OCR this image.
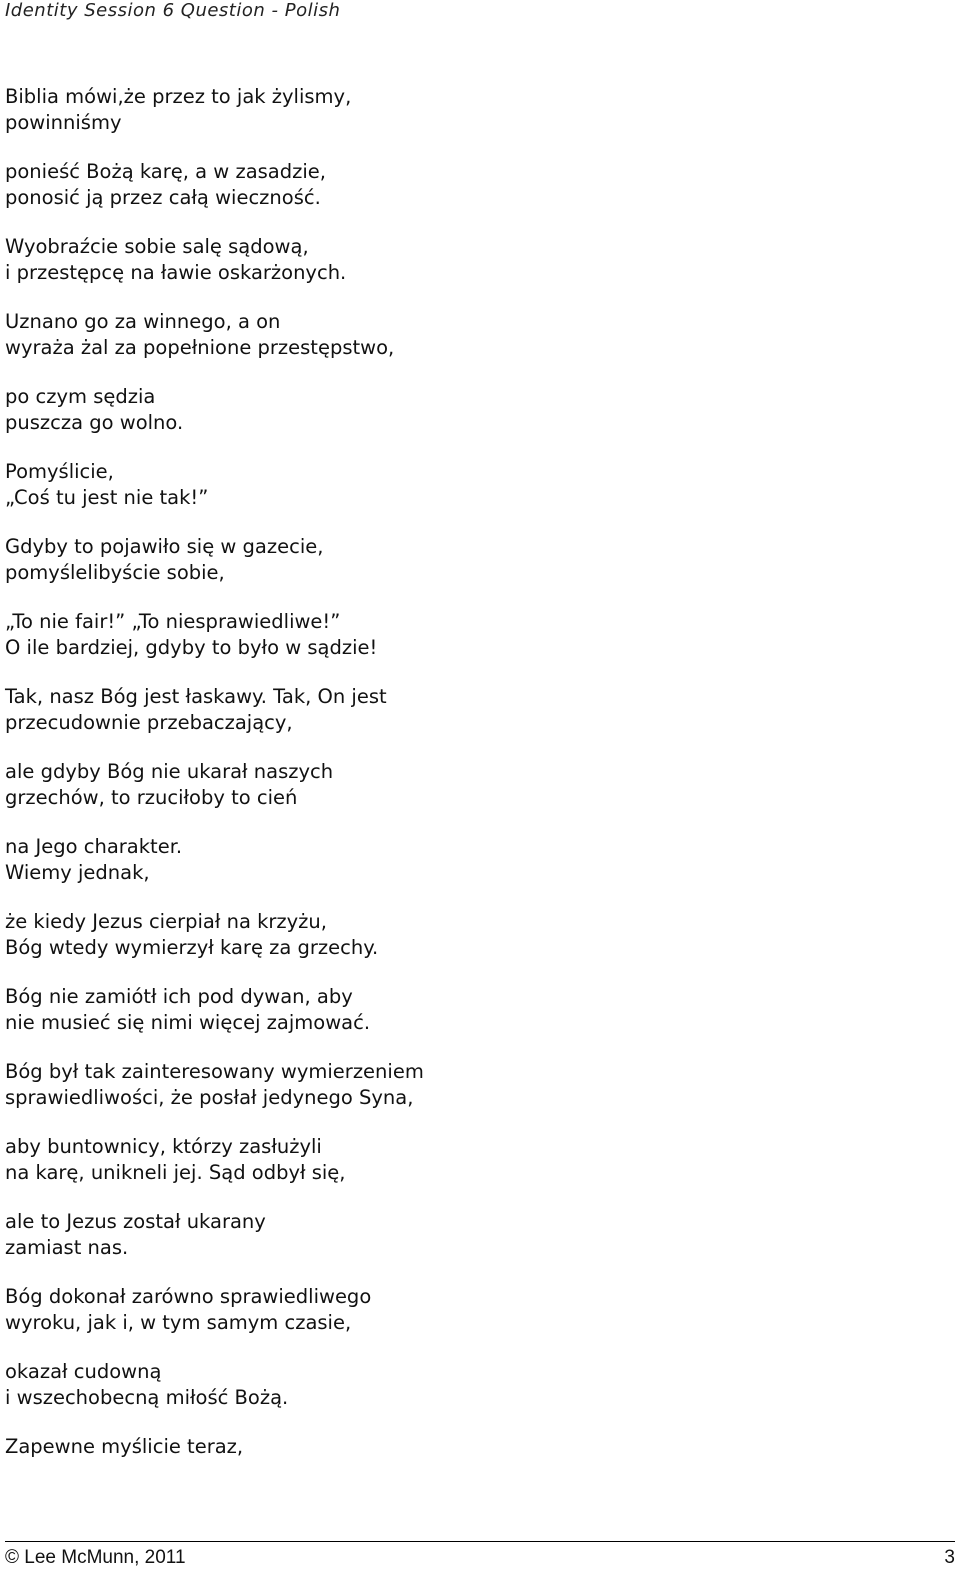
Identity Session 6 Question - Polish

Biblia mówi,że przez to jak żylismy,
powinniśmy

ponieść Bożą karę, a w zasadzie,
ponosić ją przez całą wieczność.

Wyobraźcie sobie salę sądową,
i przestępcę na ławie oskarżonych.

Uznano go za winnego, a on
wyraża żal za popełnione przestępstwo,

po czym sędzia
puszcza go wolno.

Pomyślicie,
„Coś tu jest nie tak!”

Gdyby to pojawiło się w gazecie,
pomyślelibyście sobie,

„To nie fair!” „To niesprawiedliwe!”
O ile bardziej, gdyby to było w sądzie!

Tak, nasz Bóg jest łaskawy. Tak, On jest
przecudownie przebaczający,

ale gdyby Bóg nie ukarał naszych
grzechów, to rzuciłoby to cień

na Jego charakter.
Wiemy jednak,

że kiedy Jezus cierpiał na krzyżu,
Bóg wtedy wymierzył karę za grzechy.

Bóg nie zamiótł ich pod dywan, aby
nie musieć się nimi więcej zajmować.

Bóg był tak zainteresowany wymierzeniem
sprawiedliwości, że posłał jedynego Syna,

aby buntownicy, którzy zasłużyli
na karę, unikneli jej. Sąd odbył się,

ale to Jezus został ukarany
zamiast nas.

Bóg dokonał zarówno sprawiedliwego
wyroku, jak i, w tym samym czasie,

okazał cudowną
i wszechobecną miłość Bożą.

Zapewne myślicie teraz,

© Lee McMunn, 2011	3
